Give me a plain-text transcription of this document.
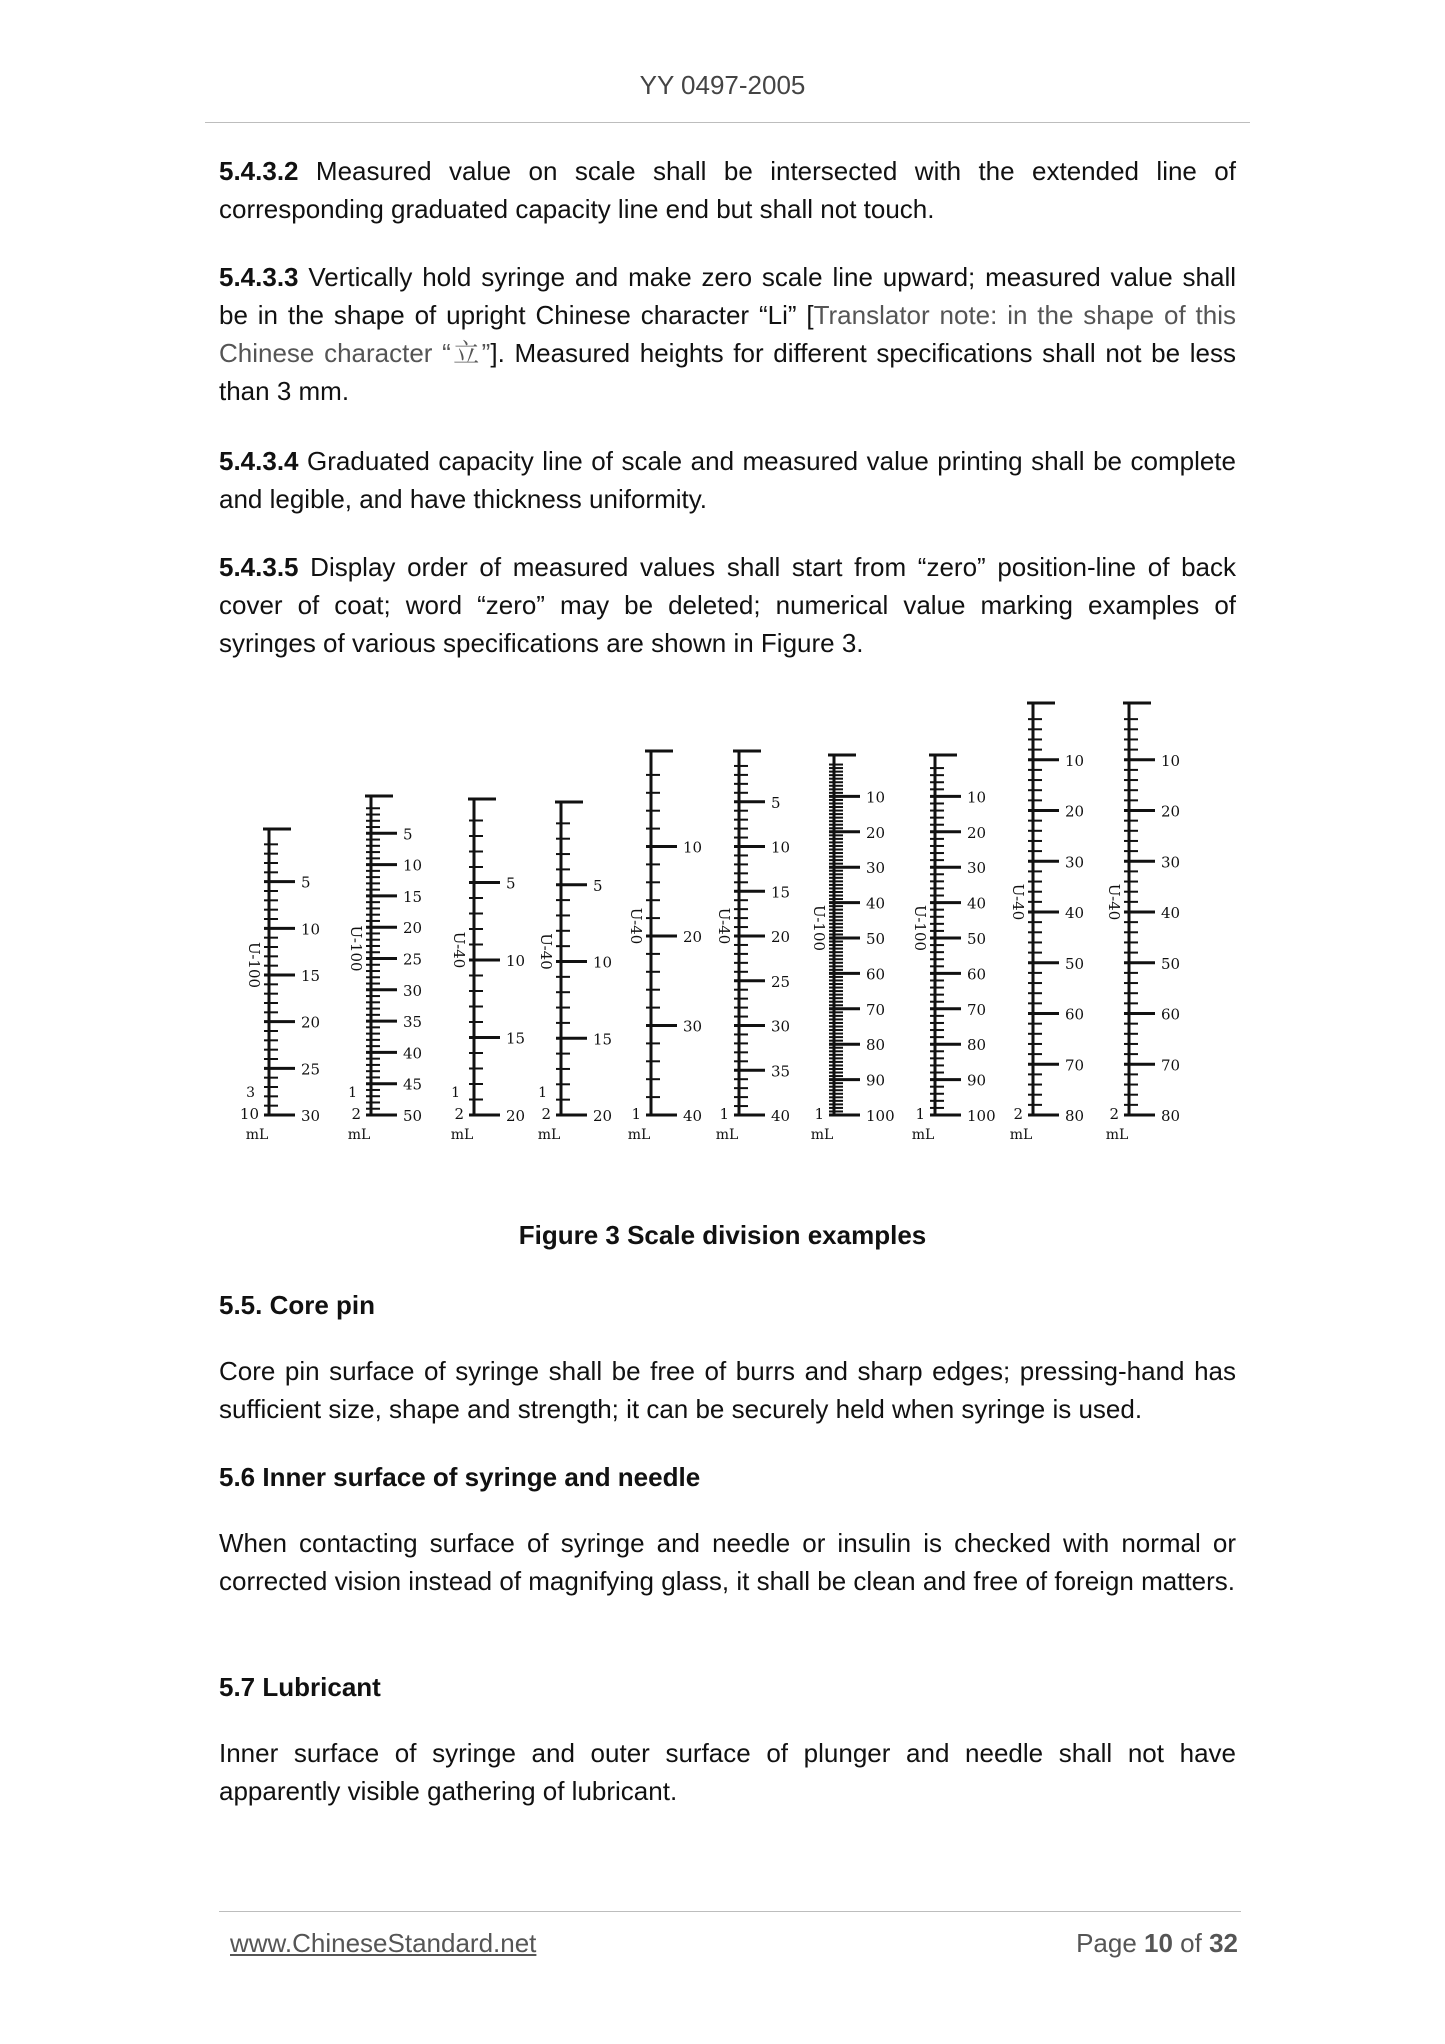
YY 0497-2005
5.4.3.2 Measured value on scale shall be intersected with the extended line of corresponding graduated capacity line end but shall not touch.
5.4.3.3 Vertically hold syringe and make zero scale line upward; measured value shall be in the shape of upright Chinese character “Li” [Translator note: in the shape of this Chinese character “立”]. Measured heights for different specifications shall not be less than 3 mm.
5.4.3.4 Graduated capacity line of scale and measured value printing shall be complete and legible, and have thickness uniformity.
5.4.3.5 Display order of measured values shall start from “zero” position-line of back cover of coat; word “zero” may be deleted; numerical value marking examples of syringes of various specifications are shown in Figure 3.
5
10
15
20
25
30
U-100
3
10
mL
5
10
15
20
25
30
35
40
45
50
U-100
1
2
mL
5
10
15
20
U-40
1
2
mL
5
10
15
20
U-40
1
2
mL
10
20
30
40
U-40
1
mL
5
10
15
20
25
30
35
40
U-40
1
mL
10
20
30
40
50
60
70
80
90
100
U-100
1
mL
10
20
30
40
50
60
70
80
90
100
U-100
1
mL
10
20
30
40
50
60
70
80
U-40
2
mL
10
20
30
40
50
60
70
80
U-40
2
mL
Figure 3 Scale division examples
5.5. Core pin
Core pin surface of syringe shall be free of burrs and sharp edges; pressing-hand has sufficient size, shape and strength; it can be securely held when syringe is used.
5.6 Inner surface of syringe and needle
When contacting surface of syringe and needle or insulin is checked with normal or corrected vision instead of magnifying glass, it shall be clean and free of foreign matters.
5.7 Lubricant
Inner surface of syringe and outer surface of plunger and needle shall not have apparently visible gathering of lubricant.
www.ChineseStandard.net	Page 10 of 32
